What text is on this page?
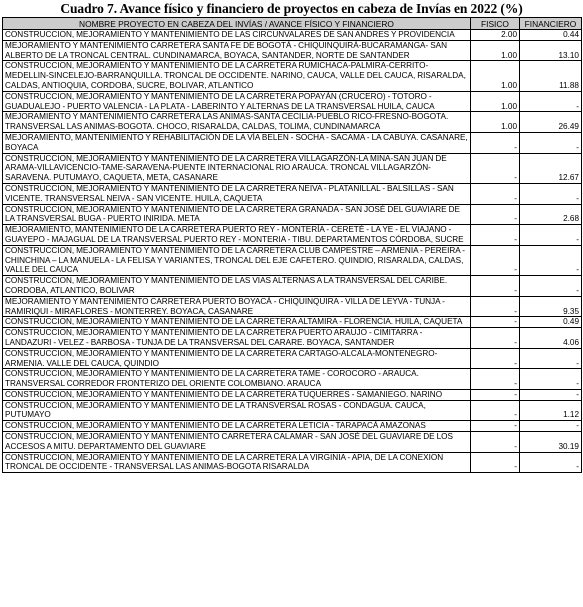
Cuadro 7. Avance físico y financiero de proyectos en cabeza de Invías en 2022 (%)
NOMBRE PROYECTO EN CABEZA DEL INVÍAS / AVANCE FÍSICO Y FINANCIERO	FISICO	FINANCIERO
CONSTRUCCION, MEJORAMIENTO Y MANTENIMIENTO DE LAS CIRCUNVALARES DE SAN ANDRES Y PROVIDENCIA	2.00	0.44
MEJORAMIENTO Y MANTENIMIENTO CARRETERA SANTA FE DE BOGOTÁ - CHIQUINQUIRÁ-BUCARAMANGA- SAN ALBERTO DE LA TRONCAL CENTRAL. CUNDINAMARCA, BOYACA, SANTANDER, NORTE DE SANTANDER	1.00	13.10
CONSTRUCCION, MEJORAMIENTO Y MANTENIMIENTO DE LA CARRETERA RUMICHACA-PALMIRA-CERRITO-MEDELLIN-SINCELEJO-BARRANQUILLA. TRONCAL DE OCCIDENTE. NARINO, CAUCA, VALLE DEL CAUCA, RISARALDA, CALDAS, ANTIOQUIA, CORDOBA, SUCRE, BOLIVAR, ATLANTICO	1.00	11.88
CONSTRUCCION, MEJORAMIENTO Y MANTENIMIENTO DE LA CARRETERA POPAYÁN (CRUCERO) - TOTORO - GUADUALEJO - PUERTO VALENCIA - LA PLATA - LABERINTO Y ALTERNAS DE LA TRANSVERSAL HUILA, CAUCA	1.00	-
MEJORAMIENTO Y MANTENIMIENTO CARRETERA LAS ANIMAS-SANTA CECILIA-PUEBLO RICO-FRESNO-BOGOTA. TRANSVERSAL LAS ANIMAS-BOGOTA. CHOCO, RISARALDA, CALDAS, TOLIMA, CUNDINAMARCA	1.00	26.49
MEJORAMIENTO, MANTENIMIENTO Y REHABILITACIÓN DE LA VÍA BELEN - SOCHA - SACAMA - LA CABUYA. CASANARE, BOYACA	-	-
CONSTRUCCION, MEJORAMIENTO Y MANTENIMIENTO DE LA CARRETERA VILLAGARZÓN-LA MINA-SAN JUAN DE ARAMA-VILLAVICENCIO-TAME-SARAVENA-PUENTE INTERNACIONAL RIO ARAUCA. TRONCAL VILLAGARZÓN-SARAVENA. PUTUMAYO, CAQUETA, META, CASANARE	-	12.67
CONSTRUCCION, MEJORAMIENTO Y MANTENIMIENTO DE LA CARRETERA NEIVA - PLATANILLAL - BALSILLAS - SAN VICENTE. TRANSVERSAL NEIVA - SAN VICENTE. HUILA, CAQUETA	-	-
CONSTRUCCION, MEJORAMIENTO Y MANTENIMIENTO DE LA CARRETERA GRANADA - SAN JOSÉ DEL GUAVIARE DE LA TRANSVERSAL BUGA - PUERTO INIRIDA. META	-	2.68
MEJORAMIENTO, MANTENIMIENTO DE LA CARRETERA PUERTO REY - MONTERÍA - CERETÉ - LA YE - EL VIAJANO - GUAYEPO - MAJAGUAL DE LA TRANSVERSAL PUERTO REY - MONTERIA - TIBU. DEPARTAMENTOS CÓRDOBA, SUCRE	-	-
CONSTRUCCION, MEJORAMIENTO Y MANTENIMIENTO DE LA CARRETERA CLUB CAMPESTRE – ARMENIA - PEREIRA - CHINCHINA – LA MANUELA - LA FELISA Y VARIANTES, TRONCAL DEL EJE CAFETERO. QUINDIO, RISARALDA, CALDAS, VALLE DEL CAUCA	-	-
CONSTRUCCION, MEJORAMIENTO Y MANTENIMIENTO DE LAS VIAS ALTERNAS A LA TRANSVERSAL DEL CARIBE. CORDOBA, ATLANTICO, BOLIVAR	-	-
MEJORAMIENTO Y MANTENIMIENTO CARRETERA PUERTO BOYACÁ - CHIQUINQUIRA - VILLA DE LEYVA - TUNJA - RAMIRIQUI - MIRAFLORES - MONTERREY. BOYACA, CASANARE	-	9.35
CONSTRUCCION, MEJORAMIENTO Y MANTENIMIENTO DE LA CARRETERA ALTAMIRA - FLORENCIA. HUILA, CAQUETA	-	0.49
CONSTRUCCION, MEJORAMIENTO Y MANTENIMIENTO DE LA CARRETERA PUERTO ARAUJO - CIMITARRA - LANDAZURI - VELEZ - BARBOSA - TUNJA DE LA TRANSVERSAL DEL CARARE. BOYACA, SANTANDER	-	4.06
CONSTRUCCION, MEJORAMIENTO Y MANTENIMIENTO DE LA CARRETERA CARTAGO-ALCALA-MONTENEGRO-ARMENIA. VALLE DEL CAUCA, QUINDIO	-	-
CONSTRUCCION, MEJORAMIENTO Y MANTENIMIENTO DE LA CARRETERA TAME - COROCORO - ARAUCA. TRANSVERSAL CORREDOR FRONTERIZO DEL ORIENTE COLOMBIANO. ARAUCA	-	-
CONSTRUCCION, MEJORAMIENTO Y MANTENIMIENTO DE LA CARRETERA TUQUERRES - SAMANIEGO. NARINO	-	-
CONSTRUCCION, MEJORAMIENTO Y MANTENIMIENTO DE LA TRANSVERSAL ROSAS - CONDAGUA. CAUCA, PUTUMAYO	-	1.12
CONSTRUCCION, MEJORAMIENTO Y MANTENIMIENTO DE LA CARRETERA LETICIA - TARAPACÁ AMAZONAS	-	-
CONSTRUCCION, MEJORAMIENTO Y MANTENIMIENTO CARRETERA CALAMAR - SAN JOSÉ DEL GUAVIARE DE LOS ACCESOS A MITU. DEPARTAMENTO DEL GUAVIARE	-	30.19
CONSTRUCCION, MEJORAMIENTO Y MANTENIMIENTO DE LA CARRETERA LA VIRGINIA - APIA, DE LA CONEXION TRONCAL DE OCCIDENTE - TRANSVERSAL LAS ANIMAS-BOGOTA RISARALDA	-	-
